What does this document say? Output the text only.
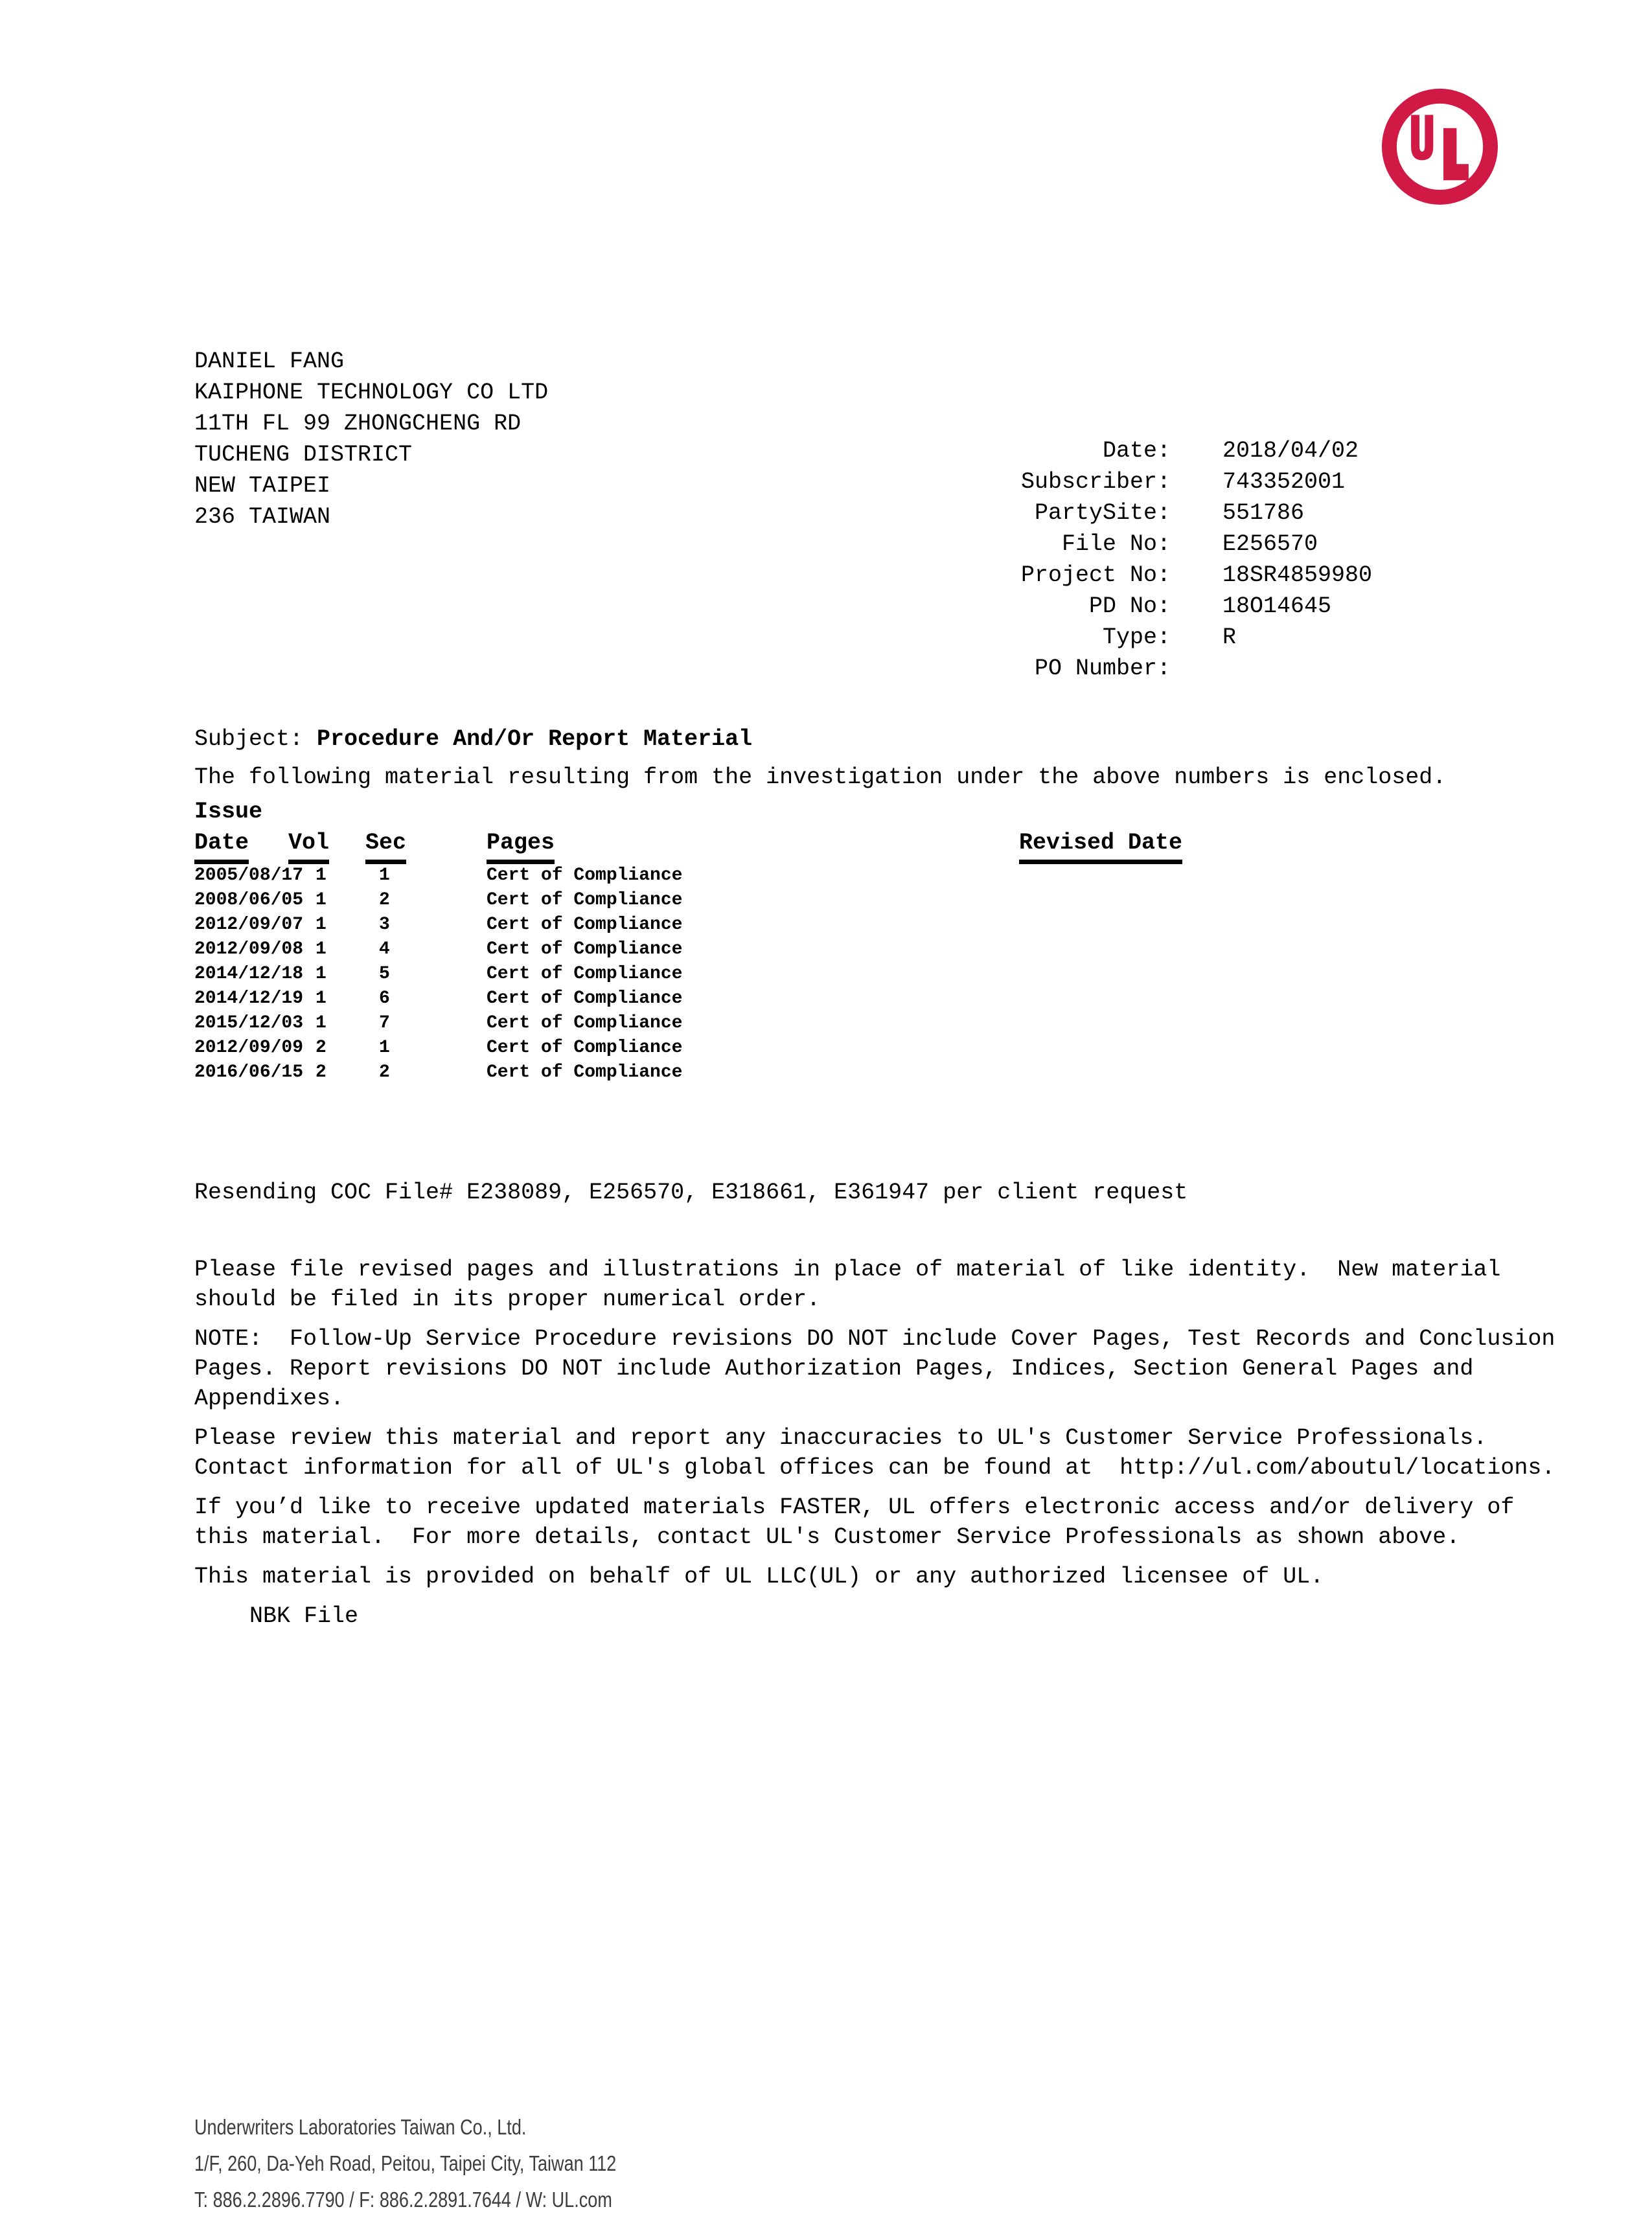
DANIEL FANG
KAIPHONE TECHNOLOGY CO LTD
11TH FL 99 ZHONGCHENG RD
TUCHENG DISTRICT
NEW TAIPEI
236 TAIWAN
Date: 2018/04/02
Subscriber: 743352001
PartySite: 551786
File No: E256570
Project No: 18SR4859980
PD No: 18O14645
Type: R
PO Number:
Subject: Procedure And/Or Report Material
The following material resulting from the investigation under the above numbers is enclosed.
Issue
Date	Vol	Sec	Pages	Revised Date
2005/08/17 1	1	Cert of Compliance
2008/06/05 1	2	Cert of Compliance
2012/09/07 1	3	Cert of Compliance
2012/09/08 1	4	Cert of Compliance
2014/12/18 1	5	Cert of Compliance
2014/12/19 1	6	Cert of Compliance
2015/12/03 1	7	Cert of Compliance
2012/09/09 2	1	Cert of Compliance
2016/06/15 2	2	Cert of Compliance
Resending COC File# E238089, E256570, E318661, E361947 per client request
Please file revised pages and illustrations in place of material of like identity.  New material
should be filed in its proper numerical order.
NOTE:  Follow-Up Service Procedure revisions DO NOT include Cover Pages, Test Records and Conclusion
Pages. Report revisions DO NOT include Authorization Pages, Indices, Section General Pages and
Appendixes.
Please review this material and report any inaccuracies to UL's Customer Service Professionals.
Contact information for all of UL's global offices can be found at  http://ul.com/aboutul/locations.
If you’d like to receive updated materials FASTER, UL offers electronic access and/or delivery of
this material.  For more details, contact UL's Customer Service Professionals as shown above.
This material is provided on behalf of UL LLC(UL) or any authorized licensee of UL.
NBK File

Underwriters Laboratories Taiwan Co., Ltd.
1/F, 260, Da-Yeh Road, Peitou, Taipei City, Taiwan 112
T: 886.2.2896.7790 / F: 886.2.2891.7644 / W: UL.com
